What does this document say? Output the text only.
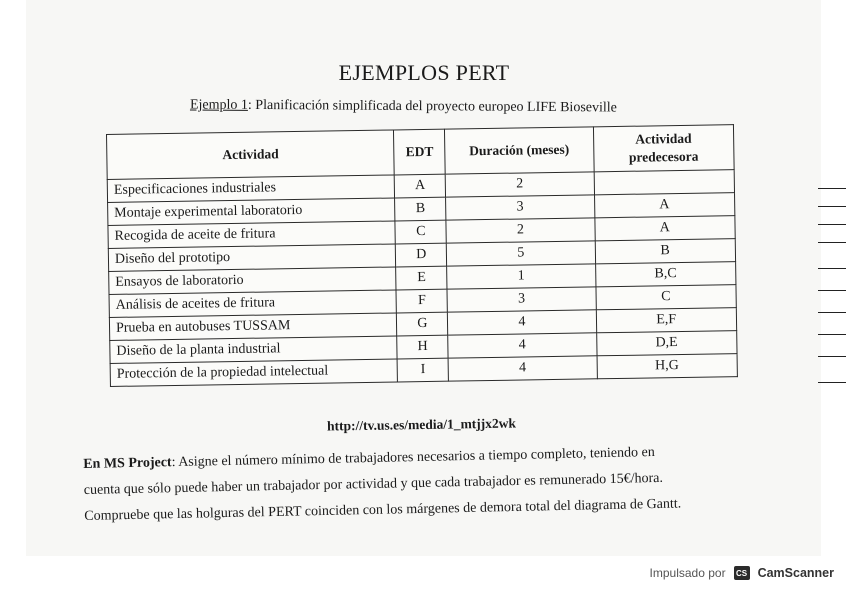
EJEMPLOS PERT
Ejemplo 1: Planificación simplificada del proyecto europeo LIFE Bioseville
Actividad	EDT	Duración (meses)	Actividad predecesora
Especificaciones industriales	A	2	
Montaje experimental laboratorio	B	3	A
Recogida de aceite de fritura	C	2	A
Diseño del prototipo	D	5	B
Ensayos de laboratorio	E	1	B,C
Análisis de aceites de fritura	F	3	C
Prueba en autobuses TUSSAM	G	4	E,F
Diseño de la planta industrial	H	4	D,E
Protección de la propiedad intelectual	I	4	H,G
http://tv.us.es/media/1_mtjjx2wk

En MS Project: Asigne el número mínimo de trabajadores necesarios a tiempo completo, teniendo en

cuenta que sólo puede haber un trabajador por actividad y que cada trabajador es remunerado 15€/hora.

Compruebe que las holguras del PERT coinciden con los márgenes de demora total del diagrama de Gantt.

Impulsado por	CS CamScanner
